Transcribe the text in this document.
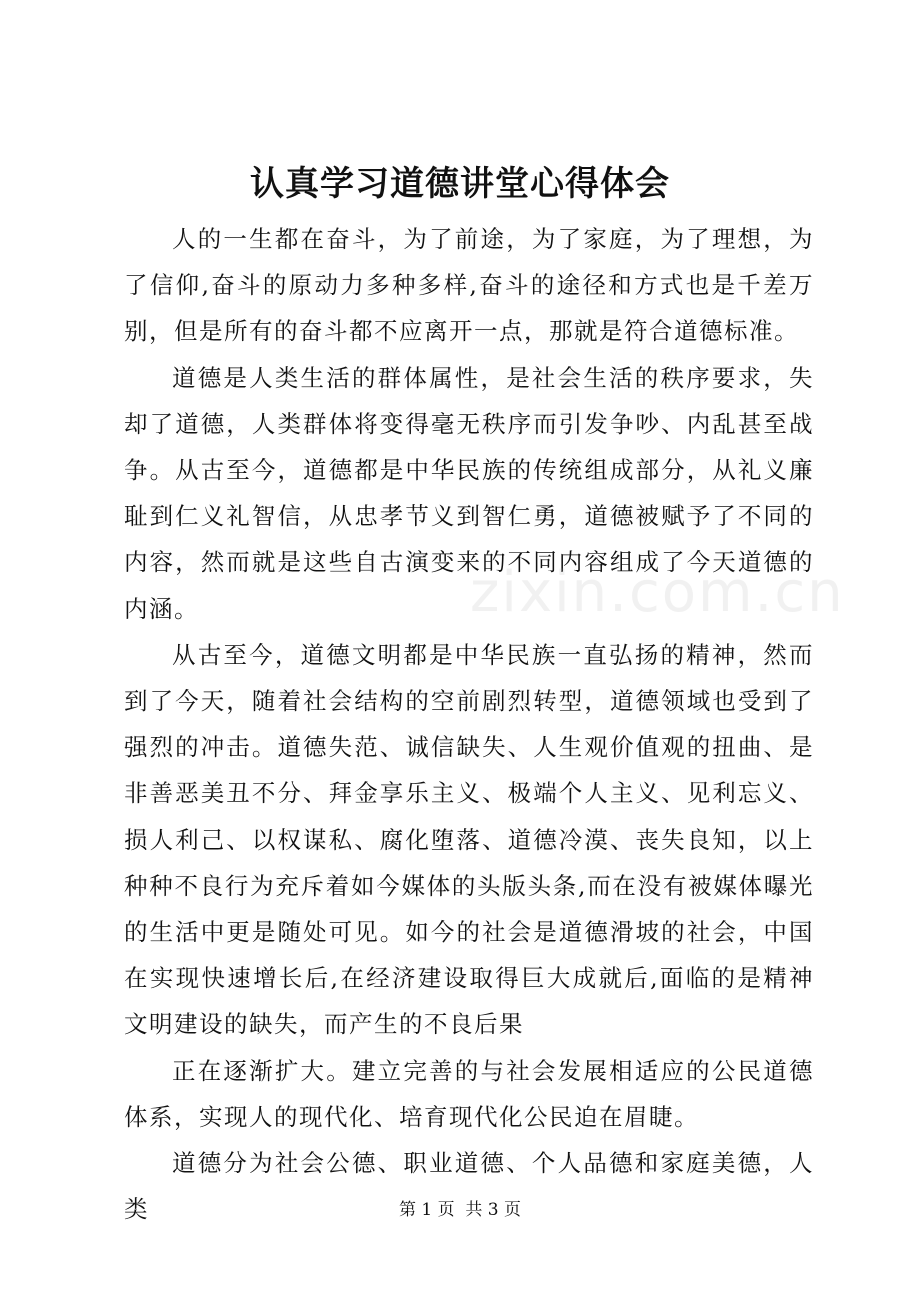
认真学习道德讲堂心得体会

人的一生都在奋斗，为了前途，为了家庭，为了理想，为了信仰,奋斗的原动力多种多样,奋斗的途径和方式也是千差万别，但是所有的奋斗都不应离开一点，那就是符合道德标准。

道德是人类生活的群体属性，是社会生活的秩序要求，失却了道德，人类群体将变得毫无秩序而引发争吵、内乱甚至战争。从古至今，道德都是中华民族的传统组成部分，从礼义廉耻到仁义礼智信，从忠孝节义到智仁勇，道德被赋予了不同的内容，然而就是这些自古演变来的不同内容组成了今天道德的内涵。

从古至今，道德文明都是中华民族一直弘扬的精神，然而到了今天，随着社会结构的空前剧烈转型，道德领域也受到了强烈的冲击。道德失范、诚信缺失、人生观价值观的扭曲、是非善恶美丑不分、拜金享乐主义、极端个人主义、见利忘义、损人利己、以权谋私、腐化堕落、道德冷漠、丧失良知，以上种种不良行为充斥着如今媒体的头版头条,而在没有被媒体曝光的生活中更是随处可见。如今的社会是道德滑坡的社会，中国在实现快速增长后,在经济建设取得巨大成就后,面临的是精神文明建设的缺失，而产生的不良后果

正在逐渐扩大。建立完善的与社会发展相适应的公民道德体系，实现人的现代化、培育现代化公民迫在眉睫。

道德分为社会公德、职业道德、个人品德和家庭美德，人类

zixin.com.cn
第 1 页  共 3 页
